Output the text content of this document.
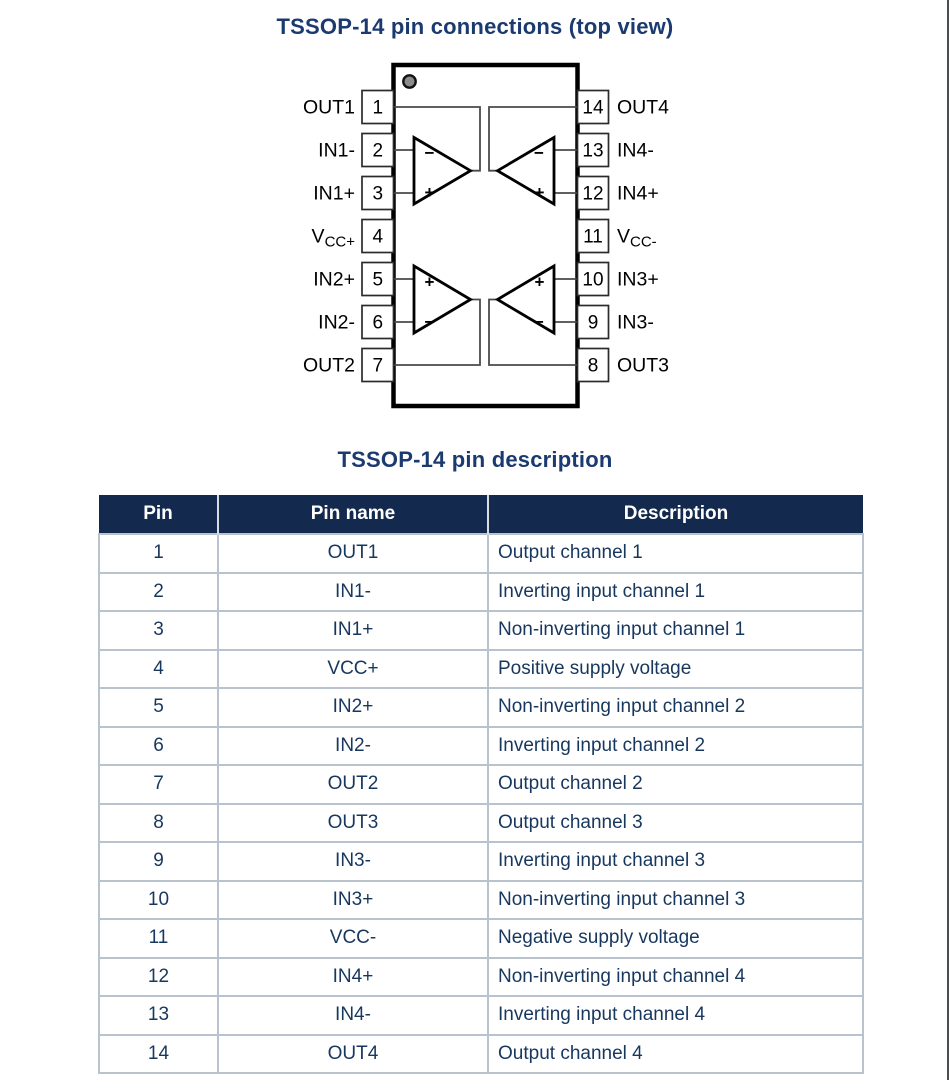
TSSOP-14 pin connections (top view)
−
+
−
+
+
−
+
−
1
2
3
4
5
6
7
14
13
12
11
10
9
8
OUT1
IN1-
IN1+
$V_{CC+}$
IN2+
IN2-
OUT2
OUT4
IN4-
IN4+
$V_{CC-}$
IN3+
IN3-
OUT3
TSSOP-14 pin description
Pin	Pin name	Description
1	OUT1	Output channel 1
2	IN1-	Inverting input channel 1
3	IN1+	Non-inverting input channel 1
4	VCC+	Positive supply voltage
5	IN2+	Non-inverting input channel 2
6	IN2-	Inverting input channel 2
7	OUT2	Output channel 2
8	OUT3	Output channel 3
9	IN3-	Inverting input channel 3
10	IN3+	Non-inverting input channel 3
11	VCC-	Negative supply voltage
12	IN4+	Non-inverting input channel 4
13	IN4-	Inverting input channel 4
14	OUT4	Output channel 4
